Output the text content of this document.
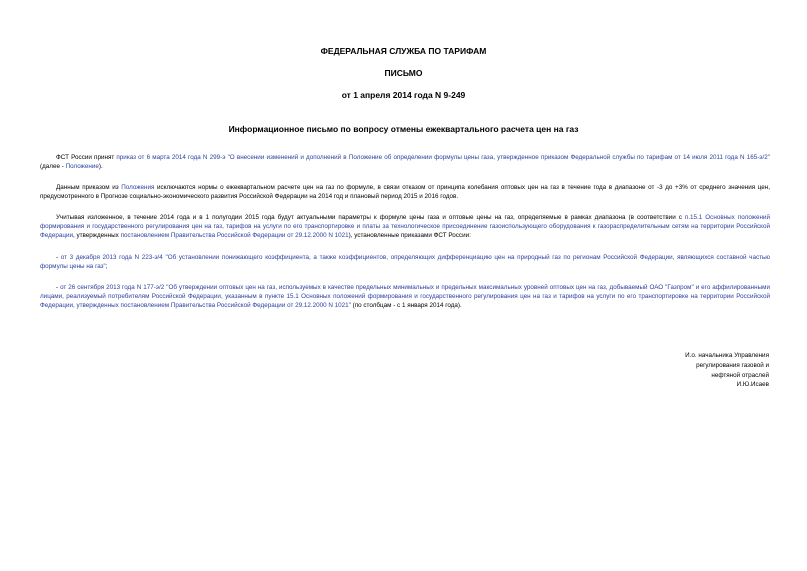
ФЕДЕРАЛЬНАЯ СЛУЖБА ПО ТАРИФАМ
ПИСЬМО
от 1 апреля 2014 года N 9-249
Информационное письмо по вопросу отмены ежеквартального расчета цен на газ
ФСТ России принят приказ от 6 марта 2014 года N 299-э "О внесении изменений и дополнений в Положение об определении формулы цены газа, утвержденное приказом Федеральной службы по тарифам от 14 июля 2011 года N 165-э/2" (далее - Положение).
Данным приказом из Положения исключаются нормы о ежеквартальном расчете цен на газ по формуле, в связи отказом от принципа колебания оптовых цен на газ в течение года в диапазоне от -3 до +3% от среднего значения цен, предусмотренного в Прогнозе социально-экономического развития Российской Федерации на 2014 год и плановый период 2015 и 2016 годов.
Учитывая изложенное, в течение 2014 года и в 1 полугодии 2015 года будут актуальными параметры к формуле цены газа и оптовые цены на газ, определяемые в рамках диапазона (в соответствии с п.15.1 Основных положений формирования и государственного регулирования цен на газ, тарифов на услуги по его транспортировке и платы за технологическое присоединение газоиспользующего оборудования к газораспределительным сетям на территории Российской Федерации, утвержденных постановлением Правительства Российской Федерации от 29.12.2000 N 1021), установленные приказами ФСТ России:
- от 3 декабря 2013 года N 223-э/4 "Об установлении понижающего коэффициента, а также коэффициентов, определяющих дифференциацию цен на природный газ по регионам Российской Федерации, являющихся составной частью формулы цены на газ";
- от 26 сентября 2013 года N 177-э/2 "Об утверждении оптовых цен на газ, используемых в качестве предельных минимальных и предельных максимальных уровней оптовых цен на газ, добываемый ОАО "Газпром" и его аффилированными лицами, реализуемый потребителям Российской Федерации, указанным в пункте 15.1 Основных положений формирования и государственного регулирования цен на газ и тарифов на услуги по его транспортировке на территории Российской Федерации, утвержденных постановлением Правительства Российской Федерации от 29.12.2000 N 1021" (по столбцам - с 1 января 2014 года).
И.о. начальника Управления
регулирования газовой и
нефтяной отраслей
И.Ю.Исаев
